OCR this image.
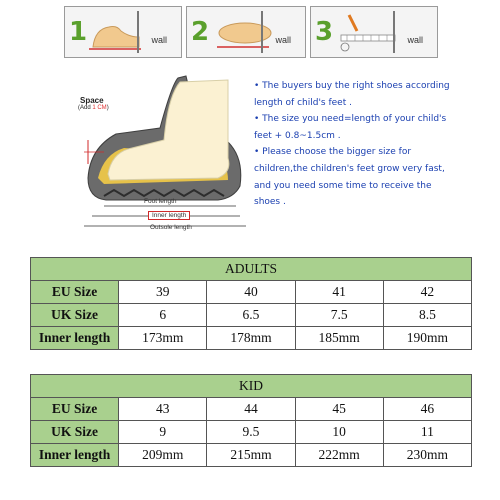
1	wall 2	wall 3	wall
Space
(Add 1 CM)
Foot length
Inner length
Outsole length

• The buyers buy the right shoes according length of child's feet .

• The size you need=length of your child's feet + 0.8~1.5cm .

• Please choose the bigger size for children,the children's feet grow very fast, and you need some time to receive the shoes .

ADULTS				
EU Size	39	40	41	42
UK Size	6	6.5	7.5	8.5
Inner length	173mm	178mm	185mm	190mm
KID				
EU Size	43	44	45	46
UK Size	9	9.5	10	11
Inner length	209mm	215mm	222mm	230mm
